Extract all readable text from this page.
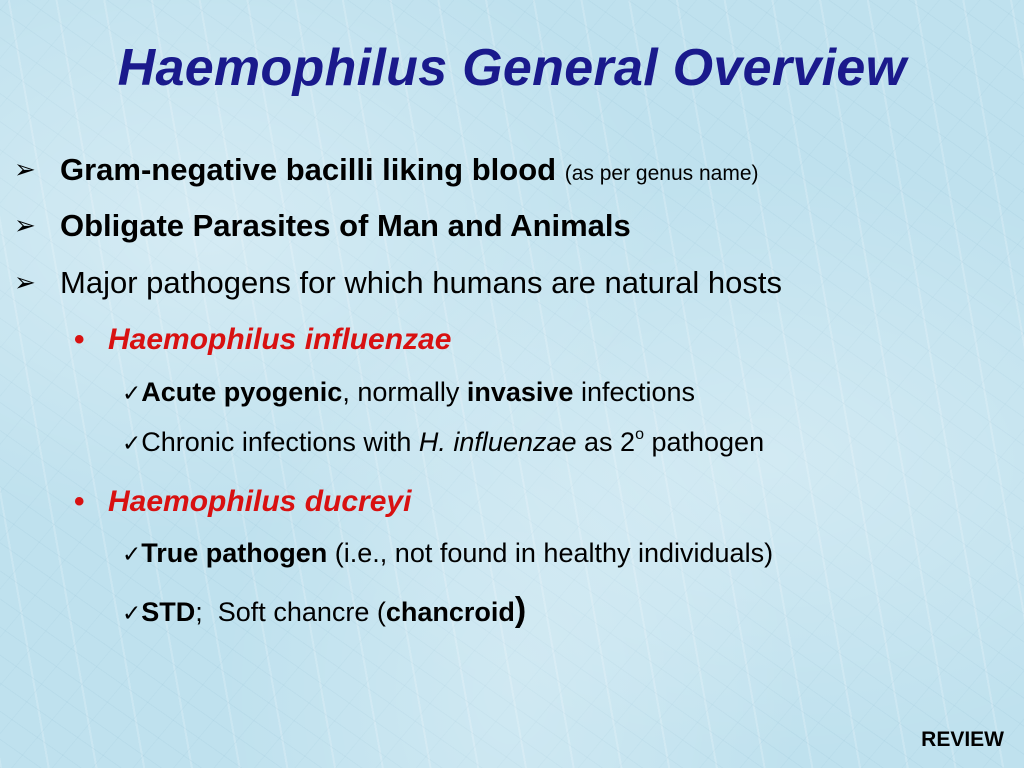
Haemophilus General Overview
➢ Gram-negative bacilli liking blood (as per genus name)
➢ Obligate Parasites of Man and Animals
➢ Major pathogens for which humans are natural hosts
• Haemophilus influenzae
✓Acute pyogenic, normally invasive infections
✓Chronic infections with H. influenzae as 2$^o$ pathogen
• Haemophilus ducreyi
✓True pathogen (i.e., not found in healthy individuals)
✓STD;  Soft chancre (chancroid)
REVIEW
